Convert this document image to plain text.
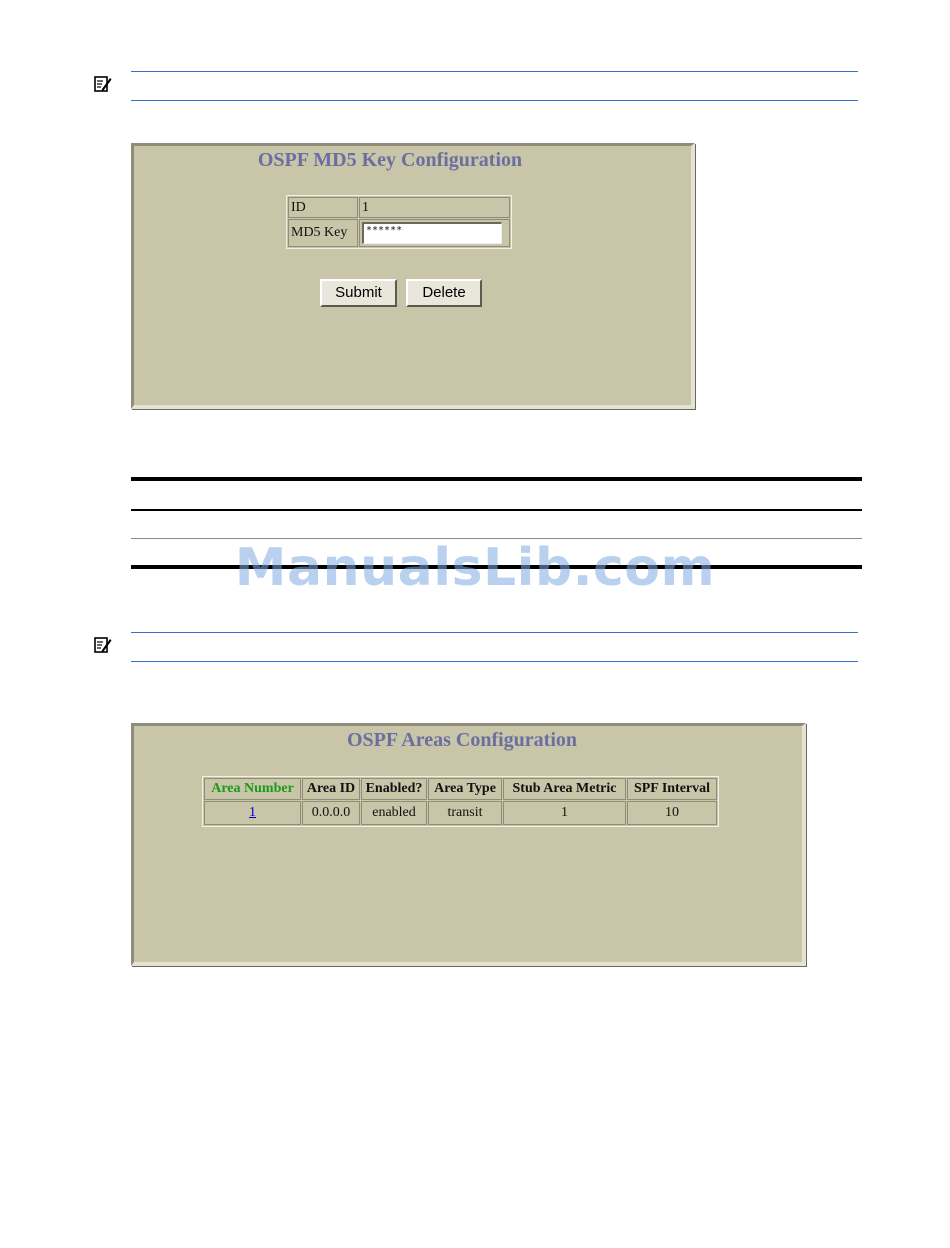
OSPF MD5 Key Configuration
ID	1
MD5 Key	******
Submit	Delete
ManualsLib.com
OSPF Areas Configuration
Area Number	Area ID	Enabled?	Area Type	Stub Area Metric	SPF Interval
1	0.0.0.0	enabled	transit	1	10
